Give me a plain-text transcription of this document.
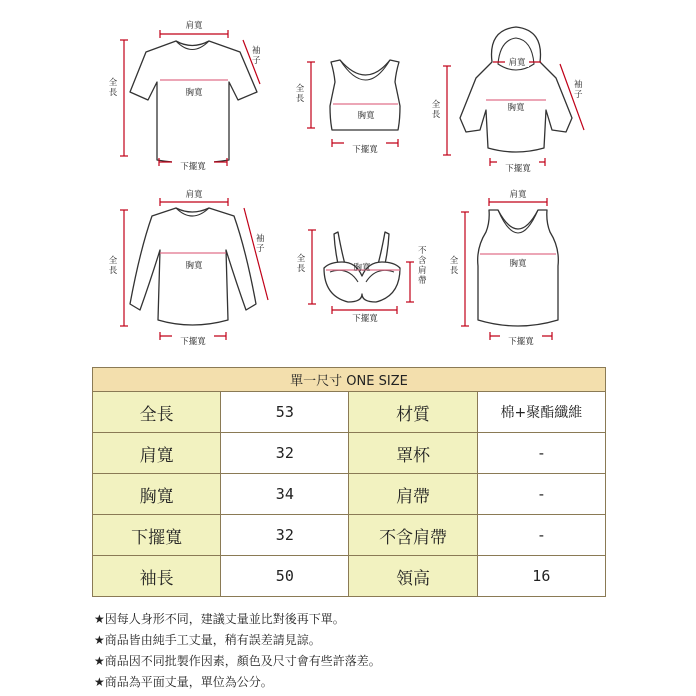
肩寬
胸寬
全長
袖子
下擺寬
胸寬
全長
下擺寬
肩寬
胸寬
全長
袖子
下擺寬
肩寬
胸寬
全長
袖子
下擺寬
胸寬
全長
不含肩帶
下擺寬
肩寬
胸寬
全長
下擺寬
單一尺寸 ONE SIZE			
全長	53	材質	棉+聚酯纖維
肩寬	32	罩杯	-
胸寬	34	肩帶	-
下擺寬	32	不含肩帶	-
袖長	50	領高	16
★因每人身形不同，建議丈量並比對後再下單。
★商品皆由純手工丈量，稍有誤差請見諒。
★商品因不同批製作因素，顏色及尺寸會有些許落差。
★商品為平面丈量，單位為公分。
